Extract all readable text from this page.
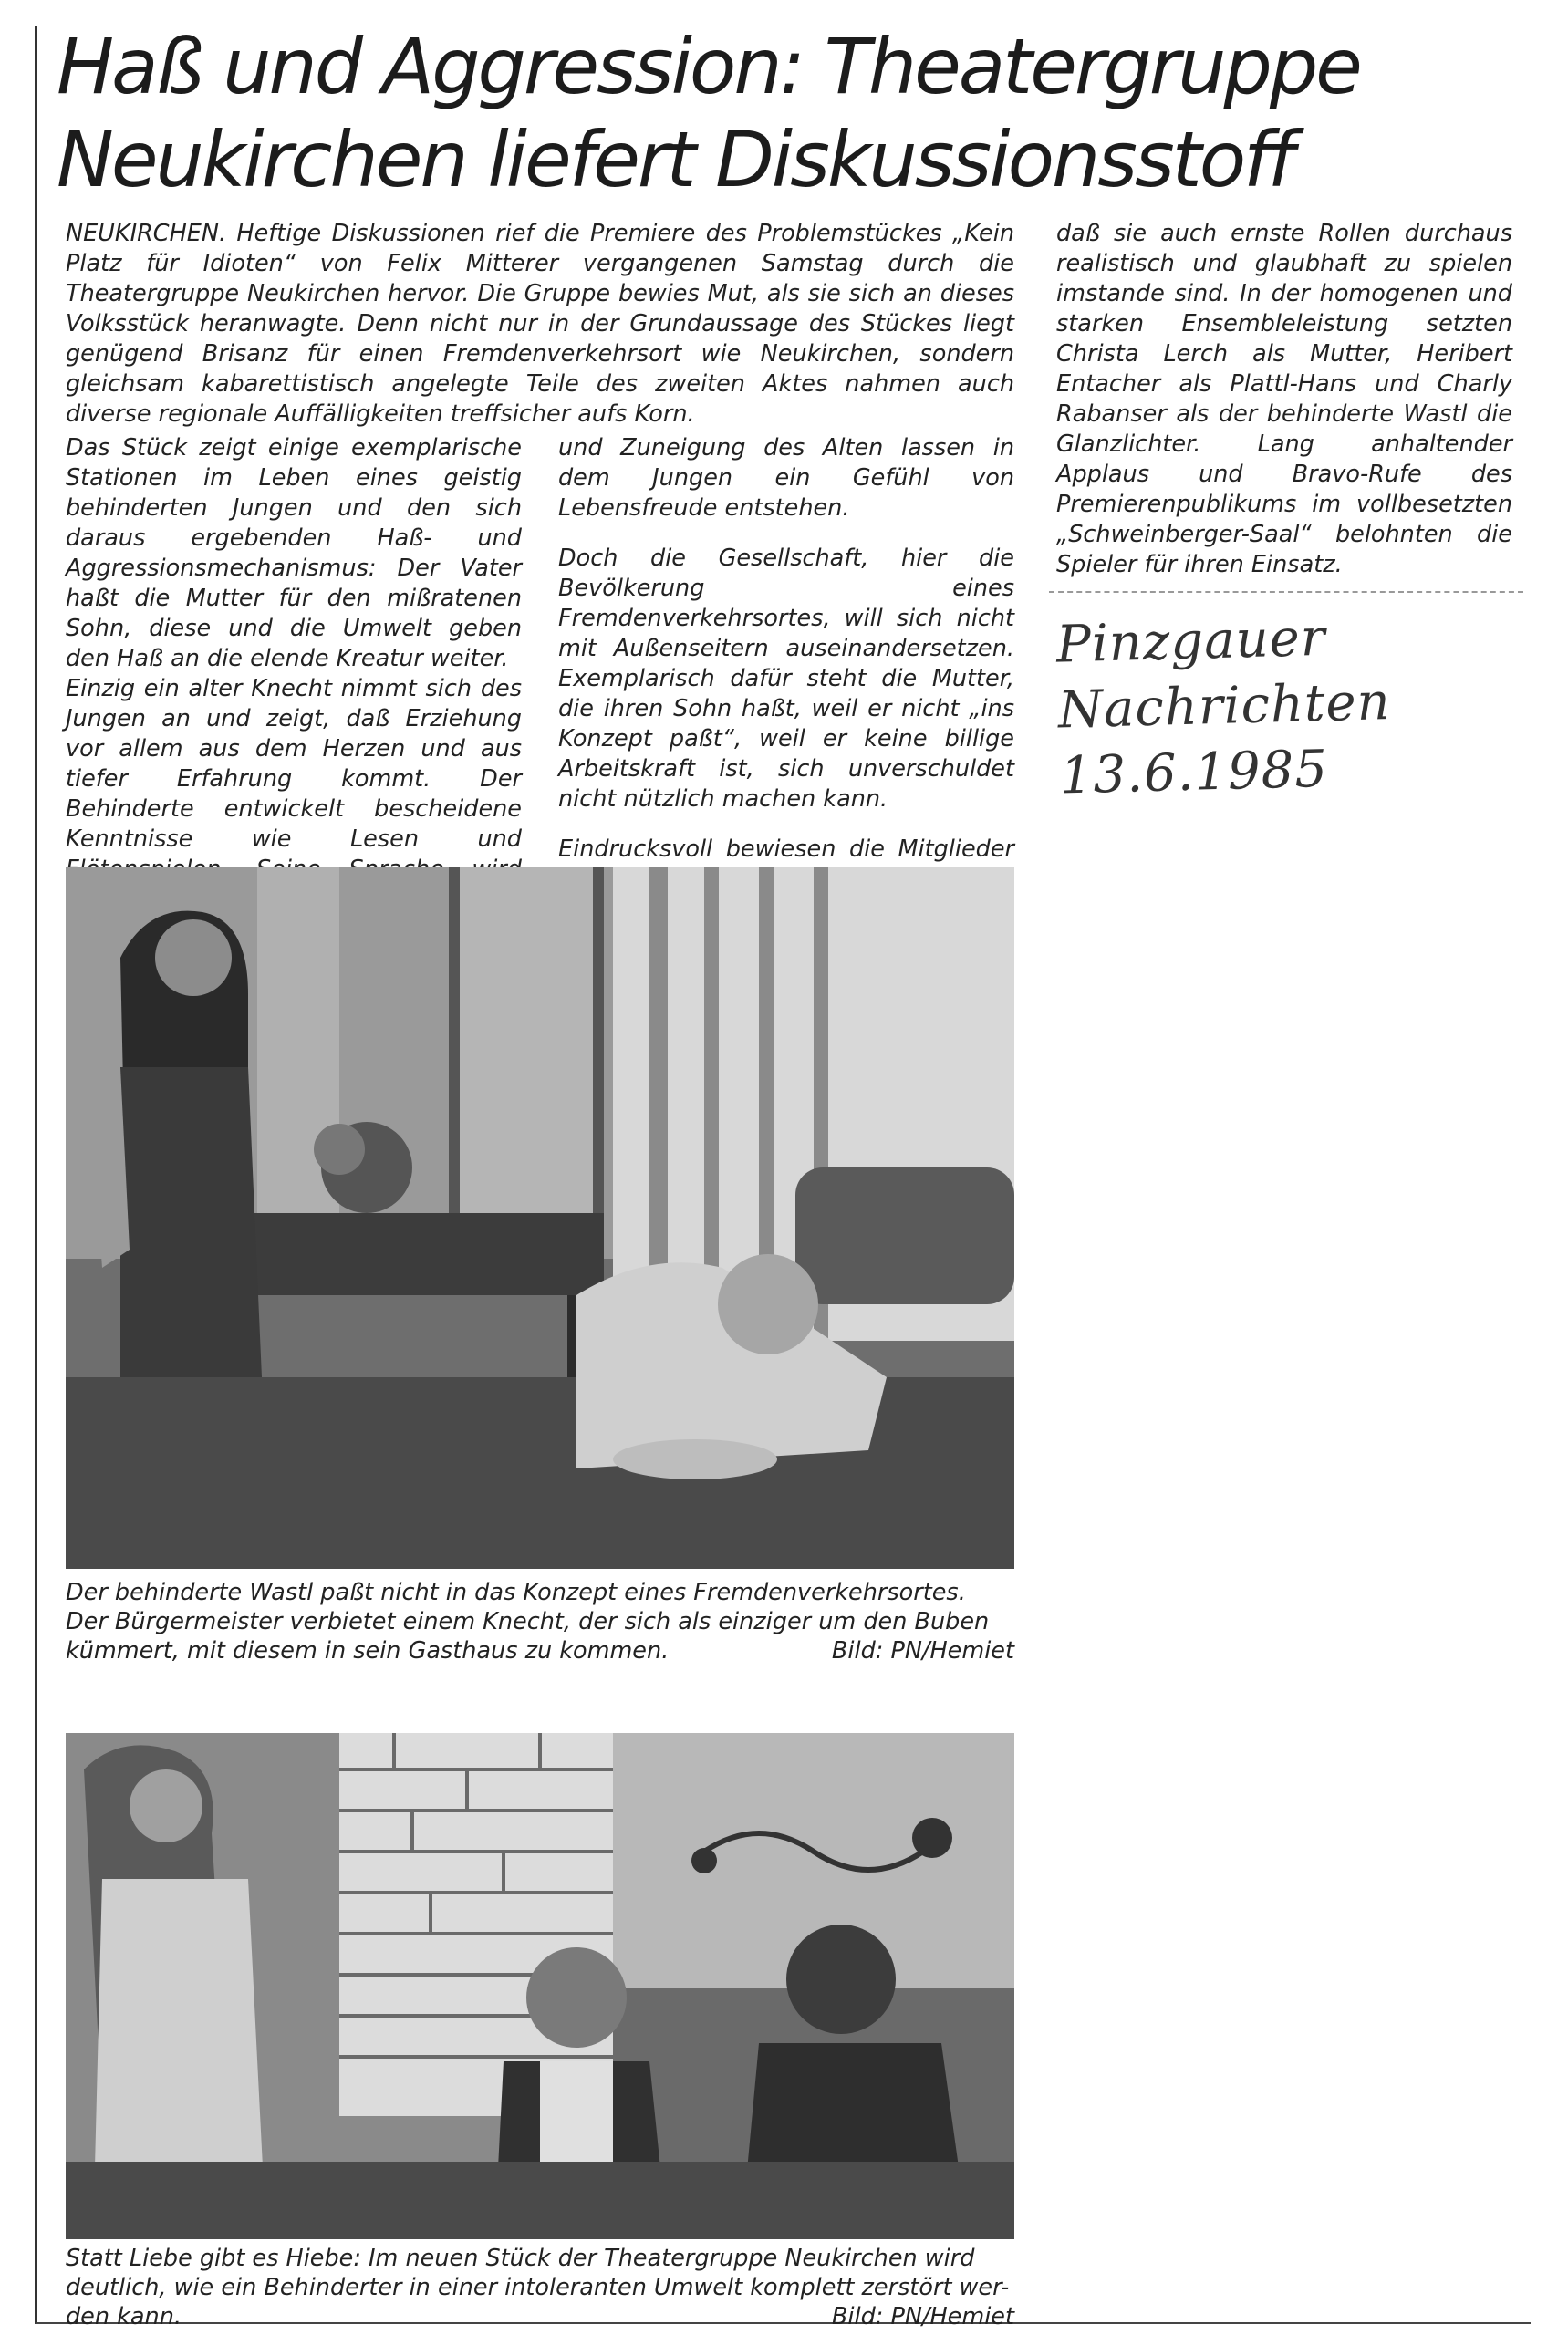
Haß und Aggression: Theatergruppe
Neukirchen liefert Diskussionsstoff

NEUKIRCHEN. Heftige Diskussionen rief die Premiere des Problemstückes „Kein Platz für Idioten“ von Felix Mitterer vergangenen Samstag durch die Theatergruppe Neukirchen hervor. Die Gruppe bewies Mut, als sie sich an dieses Volksstück heranwagte. Denn nicht nur in der Grundaussage des Stückes liegt genügend Brisanz für einen Fremdenverkehrsort wie Neukirchen, sondern gleichsam kabarettistisch angelegte Teile des zweiten Aktes nahmen auch diverse regionale Auffälligkeiten treffsicher aufs Korn.

Das Stück zeigt einige exemplarische Stationen im Leben eines geistig behinderten Jungen und den sich daraus ergebenden Haß- und Aggressionsmechanismus: Der Vater haßt die Mutter für den mißratenen Sohn, diese und die Umwelt geben den Haß an die elende Kreatur weiter.

Einzig ein alter Knecht nimmt sich des Jungen an und zeigt, daß Erziehung vor allem aus dem Herzen und aus tiefer Erfahrung kommt. Der Behinderte entwickelt bescheidene Kenntnisse wie Lesen und

und Zuneigung des Alten lassen in dem Jungen ein Gefühl von Lebensfreude entstehen.

Doch die Gesellschaft, hier die Bevölkerung eines Fremdenverkehrsortes, will sich nicht mit Außenseitern auseinandersetzen. Exemplarisch dafür steht die Mutter, die ihren Sohn haßt, weil er nicht „ins Konzept paßt“, weil er keine billige Arbeitskraft ist, sich unverschuldet nicht nützlich machen kann.

Eindrucksvoll bewiesen die Mitglieder

daß sie auch ernste Rollen durchaus realistisch und glaubhaft zu spielen imstande sind. In der homogenen und starken Ensembleleistung setzten Christa Lerch als Mutter, Heribert Entacher als Plattl-Hans und Charly Rabanser als der behinderte Wastl die Glanzlichter. Lang anhaltender Applaus und Bravo-Rufe des Premierenpublikums im vollbesetzten „Schweinberger-Saal“ belohnten die Spieler für ihren Einsatz.

Pinzgauer
Nachrichten 13.6.1985
Der behinderte Wastl paßt nicht in das Konzept eines Fremdenverkehrsortes.
Der Bürgermeister verbietet einem Knecht, der sich als einziger um den Buben
kümmert, mit diesem in sein Gasthaus zu kommen.	Bild: PN/Hemiet
Statt Liebe gibt es Hiebe: Im neuen Stück der Theatergruppe Neukirchen wird
deutlich, wie ein Behinderter in einer intoleranten Umwelt komplett zerstört wer-
den kann.	Bild: PN/Hemiet
